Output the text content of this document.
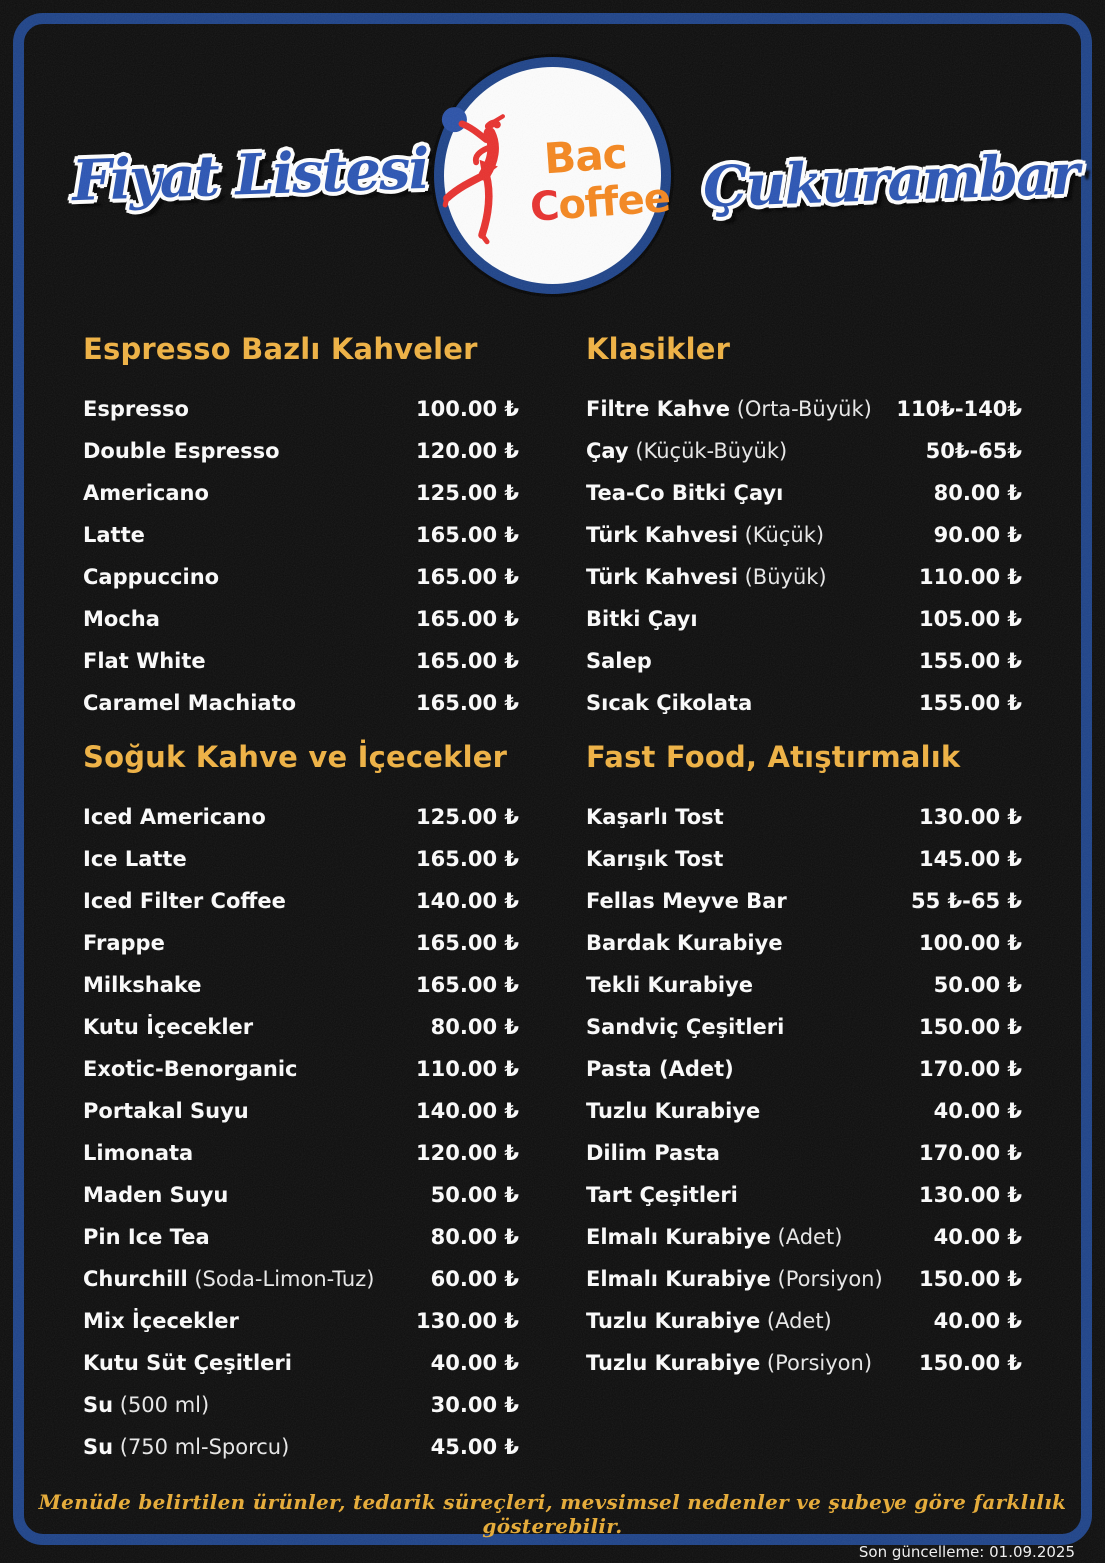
Fiyat Listesi	Bac
Coffee Çukurambar
Espresso Bazlı Kahveler
Espresso	100.00 ₺
Double Espresso	120.00 ₺
Americano	125.00 ₺
Latte	165.00 ₺
Cappuccino	165.00 ₺
Mocha	165.00 ₺
Flat White	165.00 ₺
Caramel Machiato	165.00 ₺
Soğuk Kahve ve İçecekler
Iced Americano	125.00 ₺
Ice Latte	165.00 ₺
Iced Filter Coffee	140.00 ₺
Frappe	165.00 ₺
Milkshake	165.00 ₺
Kutu İçecekler	80.00 ₺
Exotic-Benorganic	110.00 ₺
Portakal Suyu	140.00 ₺
Limonata	120.00 ₺
Maden Suyu	50.00 ₺
Pin Ice Tea	80.00 ₺
Churchill (Soda-Limon-Tuz)	60.00 ₺
Mix İçecekler	130.00 ₺
Kutu Süt Çeşitleri	40.00 ₺
Su (500 ml)	30.00 ₺
Su (750 ml-Sporcu)	45.00 ₺
Klasikler
Filtre Kahve (Orta-Büyük) 110₺-140₺
Çay (Küçük-Büyük)	50₺-65₺
Tea-Co Bitki Çayı	80.00 ₺
Türk Kahvesi (Küçük)	90.00 ₺
Türk Kahvesi (Büyük)	110.00 ₺
Bitki Çayı	105.00 ₺
Salep	155.00 ₺
Sıcak Çikolata	155.00 ₺
Fast Food, Atıştırmalık
Kaşarlı Tost	130.00 ₺
Karışık Tost	145.00 ₺
Fellas Meyve Bar	55 ₺-65 ₺
Bardak Kurabiye	100.00 ₺
Tekli Kurabiye	50.00 ₺
Sandviç Çeşitleri	150.00 ₺
Pasta (Adet)	170.00 ₺
Tuzlu Kurabiye	40.00 ₺
Dilim Pasta	170.00 ₺
Tart Çeşitleri	130.00 ₺
Elmalı Kurabiye (Adet)	40.00 ₺
Elmalı Kurabiye (Porsiyon) 150.00 ₺
Tuzlu Kurabiye (Adet)	40.00 ₺
Tuzlu Kurabiye (Porsiyon) 150.00 ₺
Menüde belirtilen ürünler, tedarik süreçleri, mevsimsel nedenler ve şubeye göre farklılık gösterebilir.
Son güncelleme: 01.09.2025
